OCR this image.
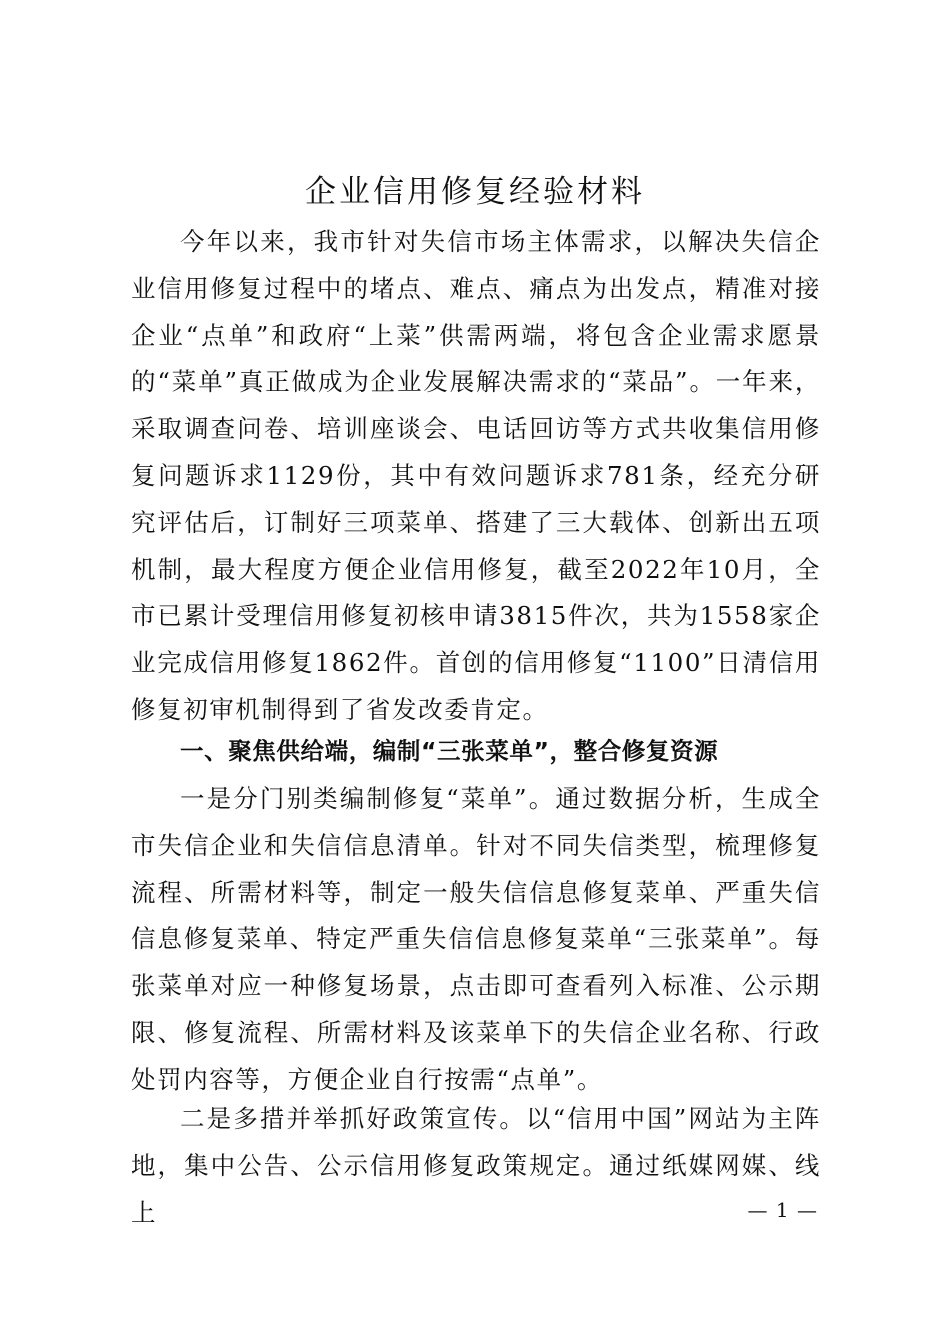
企业信用修复经验材料

今年以来，我市针对失信市场主体需求，以解决失信企业信用修复过程中的堵点、难点、痛点为出发点，精准对接企业“点单”和政府“上菜”供需两端，将包含企业需求愿景的“菜单”真正做成为企业发展解决需求的“菜品”。一年来，采取调查问卷、培训座谈会、电话回访等方式共收集信用修复问题诉求1129份，其中有效问题诉求781条，经充分研究评估后，订制好三项菜单、搭建了三大载体、创新出五项机制，最大程度方便企业信用修复，截至2022年10月，全市已累计受理信用修复初核申请3815件次，共为1558家企业完成信用修复1862件。首创的信用修复“1100”日清信用修复初审机制得到了省发改委肯定。

一、聚焦供给端，编制“三张菜单”，整合修复资源

一是分门别类编制修复“菜单”。通过数据分析，生成全市失信企业和失信信息清单。针对不同失信类型，梳理修复流程、所需材料等，制定一般失信信息修复菜单、严重失信信息修复菜单、特定严重失信信息修复菜单“三张菜单”。每张菜单对应一种修复场景，点击即可查看列入标准、公示期限、修复流程、所需材料及该菜单下的失信企业名称、行政处罚内容等，方便企业自行按需“点单”。

二是多措并举抓好政策宣传。以“信用中国”网站为主阵地，集中公告、公示信用修复政策规定。通过纸媒网媒、线上	— 1 —
